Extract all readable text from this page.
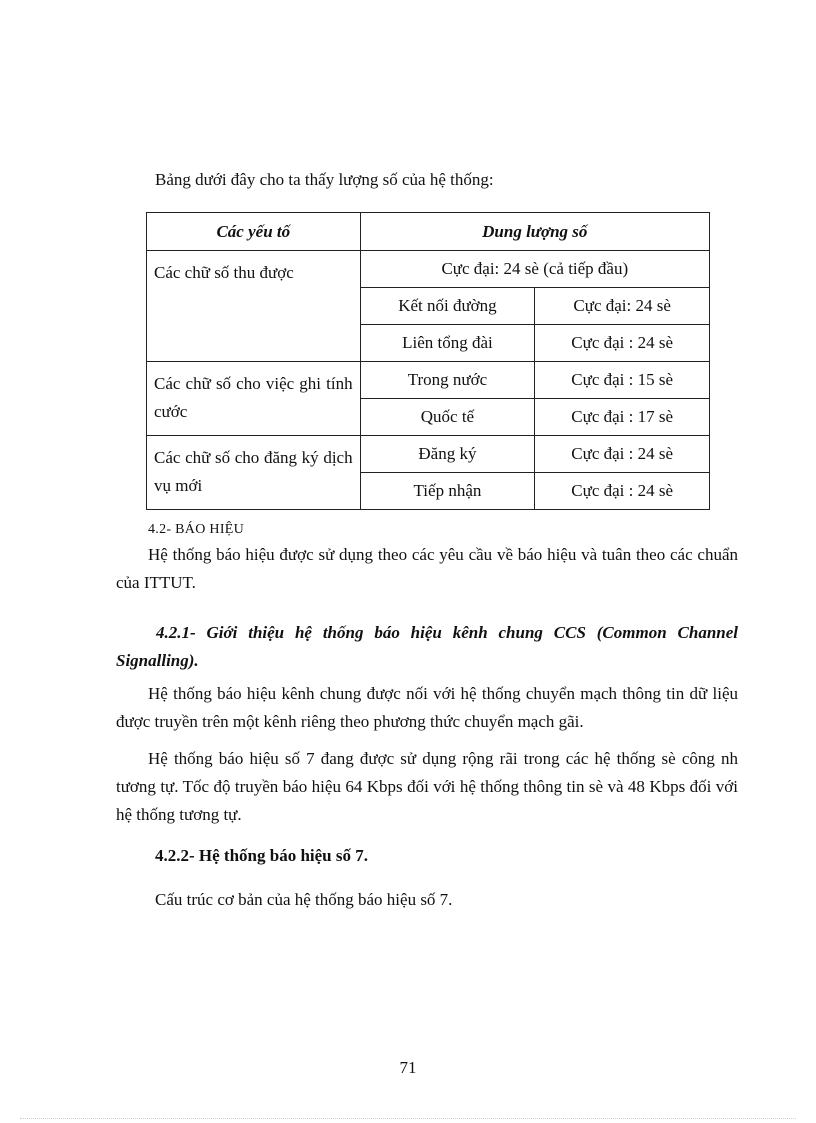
Bảng dưới đây cho ta thấy lượng số của hệ thống:
Các yếu tố	Dung lượng số	
Các chữ số thu được	Cực đại: 24 sè (cả tiếp đầu)	
	Kết nối đường	Cực đại: 24 sè
	Liên tổng đài	Cực đại : 24 sè
Các chữ số cho việc ghi tính cước	Trong nước	Cực đại : 15 sè
	Quốc tế	Cực đại : 17 sè
Các chữ số cho đăng ký dịch vụ mới	Đăng ký	Cực đại : 24 sè
	Tiếp nhận	Cực đại : 24 sè
4.2- BÁO HIỆU

Hệ thống báo hiệu được sử dụng theo các yêu cầu về báo hiệu và tuân theo các chuẩn của ITTUT.

4.2.1- Giới thiệu hệ thống báo hiệu kênh chung CCS (Common Channel Signalling).

Hệ thống báo hiệu kênh chung được nối với hệ thống chuyển mạch thông tin dữ liệu được truyền trên một kênh riêng theo phương thức chuyển mạch gãi.

Hệ thống báo hiệu số 7 đang được sử dụng rộng rãi trong các hệ thống sè công nh tương tự. Tốc độ truyền báo hiệu 64 Kbps đối với hệ thống thông tin sè và 48 Kbps đối với hệ thống tương tự.

4.2.2- Hệ thống báo hiệu số 7.
Cấu trúc cơ bản của hệ thống báo hiệu số 7.
71
